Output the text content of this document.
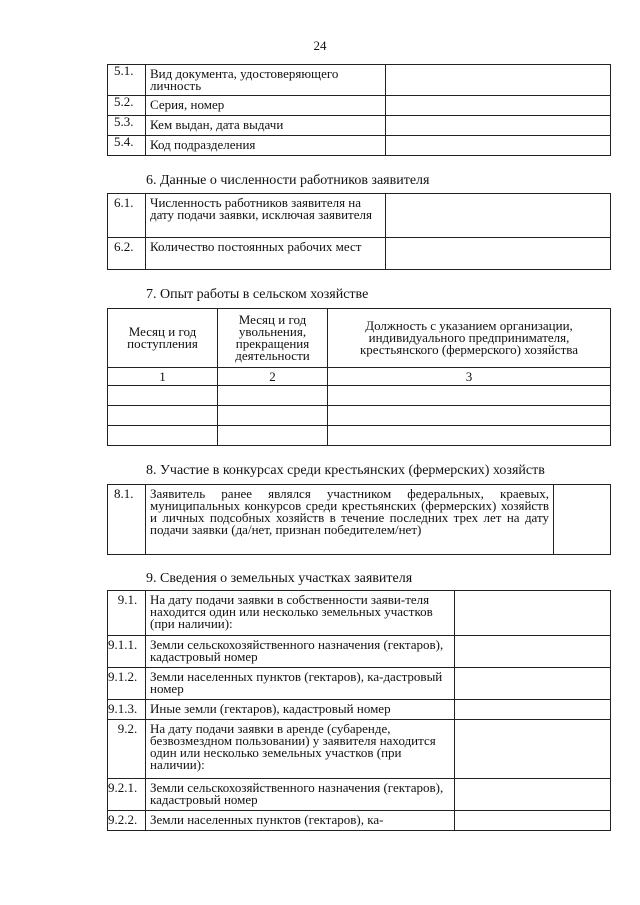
24
5.1.	Вид документа, удостоверяющего личность	
5.2.	Серия, номер	
5.3.	Кем выдан, дата выдачи	
5.4.	Код подразделения	
6. Данные о численности работников заявителя
6.1.	Численность работников заявителя на дату подачи заявки, исключая заявителя	
6.2.	Количество постоянных рабочих мест	
7. Опыт работы в сельском хозяйстве
Месяц и год поступления	Месяц и год увольнения, прекращения деятельности	Должность с указанием организации, индивидуального предпринимателя, крестьянского (фермерского) хозяйства
1	2	3

8. Участие в конкурсах среди крестьянских (фермерских) хозяйств
8.1.	Заявитель ранее являлся участником федеральных, краевых, муниципальных конкурсов среди крестьянских (фермерских) хозяйств и личных подсобных хозяйств в течение последних трех лет на дату подачи заявки (да/нет, признан победителем/нет)	
9. Сведения о земельных участках заявителя
9.1.	На дату подачи заявки в собственности заяви-теля находится один или несколько земельных участков (при наличии):	
9.1.1.	Земли сельскохозяйственного назначения (гектаров), кадастровый номер	
9.1.2.	Земли населенных пунктов (гектаров), ка-дастровый номер	
9.1.3.	Иные земли (гектаров), кадастровый номер	
9.2.	На дату подачи заявки в аренде (субаренде, безвозмездном пользовании) у заявителя находится один или несколько земельных участков (при наличии):	
9.2.1.	Земли сельскохозяйственного назначения (гектаров), кадастровый номер	
9.2.2.	Земли населенных пунктов (гектаров), ка-	
